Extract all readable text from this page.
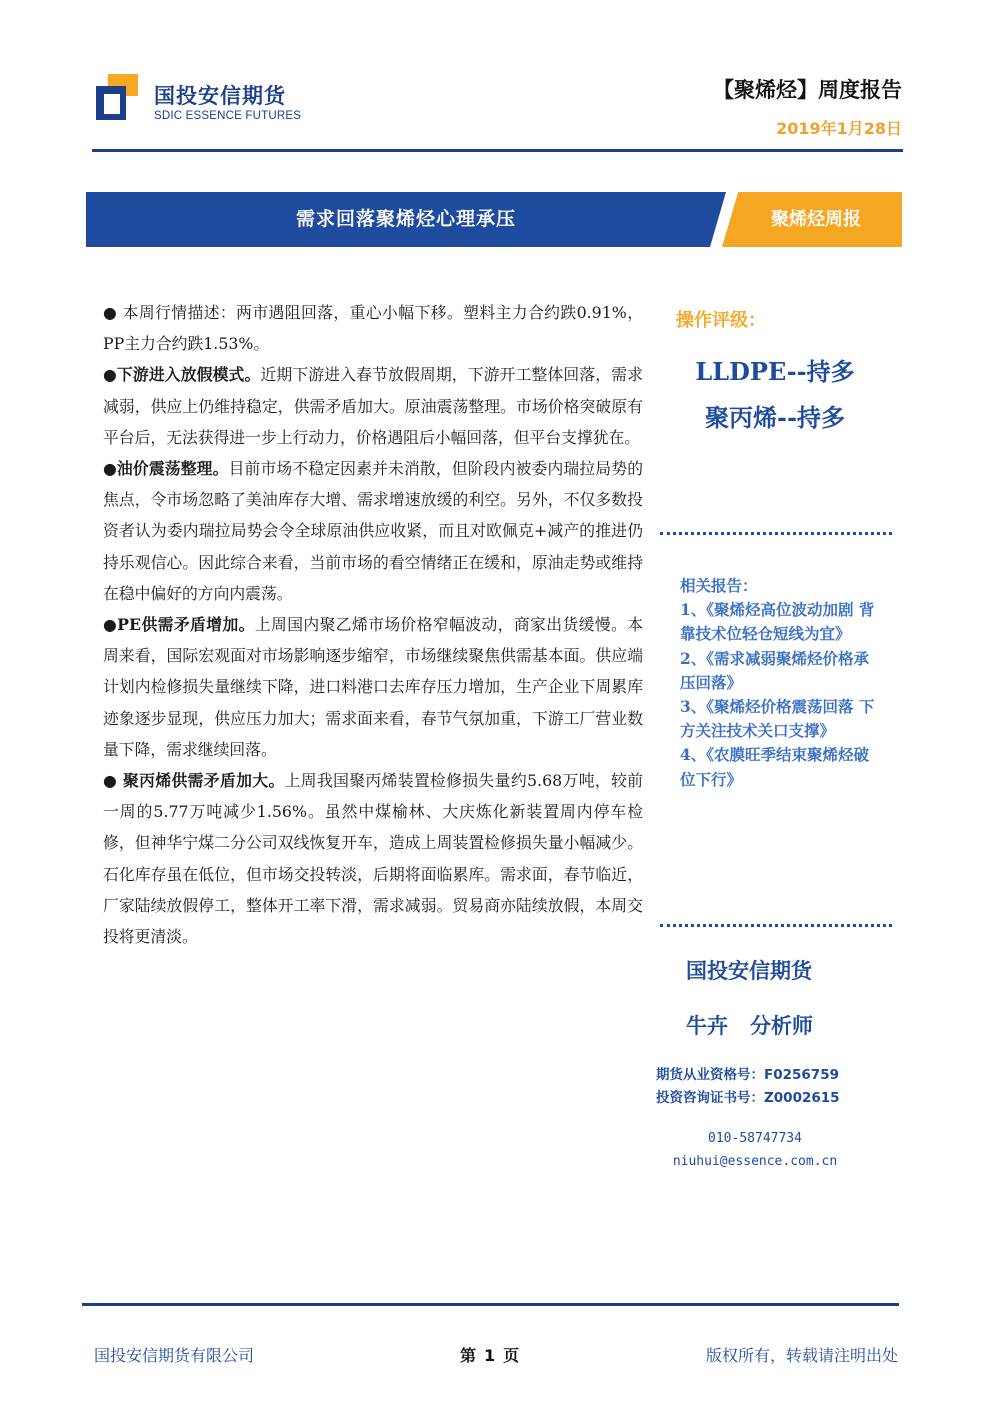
国投安信期货
SDIC ESSENCE FUTURES
【聚烯烃】周度报告
2019年1月28日
需求回落聚烯烃心理承压	聚烯烃周报

● 本周行情描述：两市遇阻回落，重心小幅下移。塑料主力合约跌0.91%，PP主力合约跌1.53%。

●下游进入放假模式。近期下游进入春节放假周期，下游开工整体回落，需求减弱，供应上仍维持稳定，供需矛盾加大。原油震荡整理。市场价格突破原有平台后，无法获得进一步上行动力，价格遇阻后小幅回落，但平台支撑犹在。

●油价震荡整理。目前市场不稳定因素并未消散，但阶段内被委内瑞拉局势的焦点，令市场忽略了美油库存大增、需求增速放缓的利空。另外，不仅多数投资者认为委内瑞拉局势会令全球原油供应收紧，而且对欧佩克+减产的推进仍持乐观信心。因此综合来看，当前市场的看空情绪正在缓和，原油走势或维持在稳中偏好的方向内震荡。

●PE供需矛盾增加。上周国内聚乙烯市场价格窄幅波动，商家出货缓慢。本周来看，国际宏观面对市场影响逐步缩窄，市场继续聚焦供需基本面。供应端计划内检修损失量继续下降，进口料港口去库存压力增加，生产企业下周累库迹象逐步显现，供应压力加大；需求面来看，春节气氛加重，下游工厂营业数量下降，需求继续回落。

● 聚丙烯供需矛盾加大。上周我国聚丙烯装置检修损失量约5.68万吨，较前一周的5.77万吨减少1.56%。虽然中煤榆林、大庆炼化新装置周内停车检修，但神华宁煤二分公司双线恢复开车，造成上周装置检修损失量小幅减少。石化库存虽在低位，但市场交投转淡，后期将面临累库。需求面，春节临近，厂家陆续放假停工，整体开工率下滑，需求减弱。贸易商亦陆续放假，本周交投将更清淡。

操作评级：
LLDPE--持多
聚丙烯--持多
相关报告：
1、《聚烯烃高位波动加剧 背靠技术位轻仓短线为宜》
2、《需求减弱聚烯烃价格承压回落》
3、《聚烯烃价格震荡回落 下方关注技术关口支撑》
4、《农膜旺季结束聚烯烃破位下行》
国投安信期货
牛卉 分析师
期货从业资格号：F0256759
投资咨询证书号：Z0002615
010-58747734
niuhui@essence.com.cn
国投安信期货有限公司	第 1 页	版权所有，转载请注明出处
